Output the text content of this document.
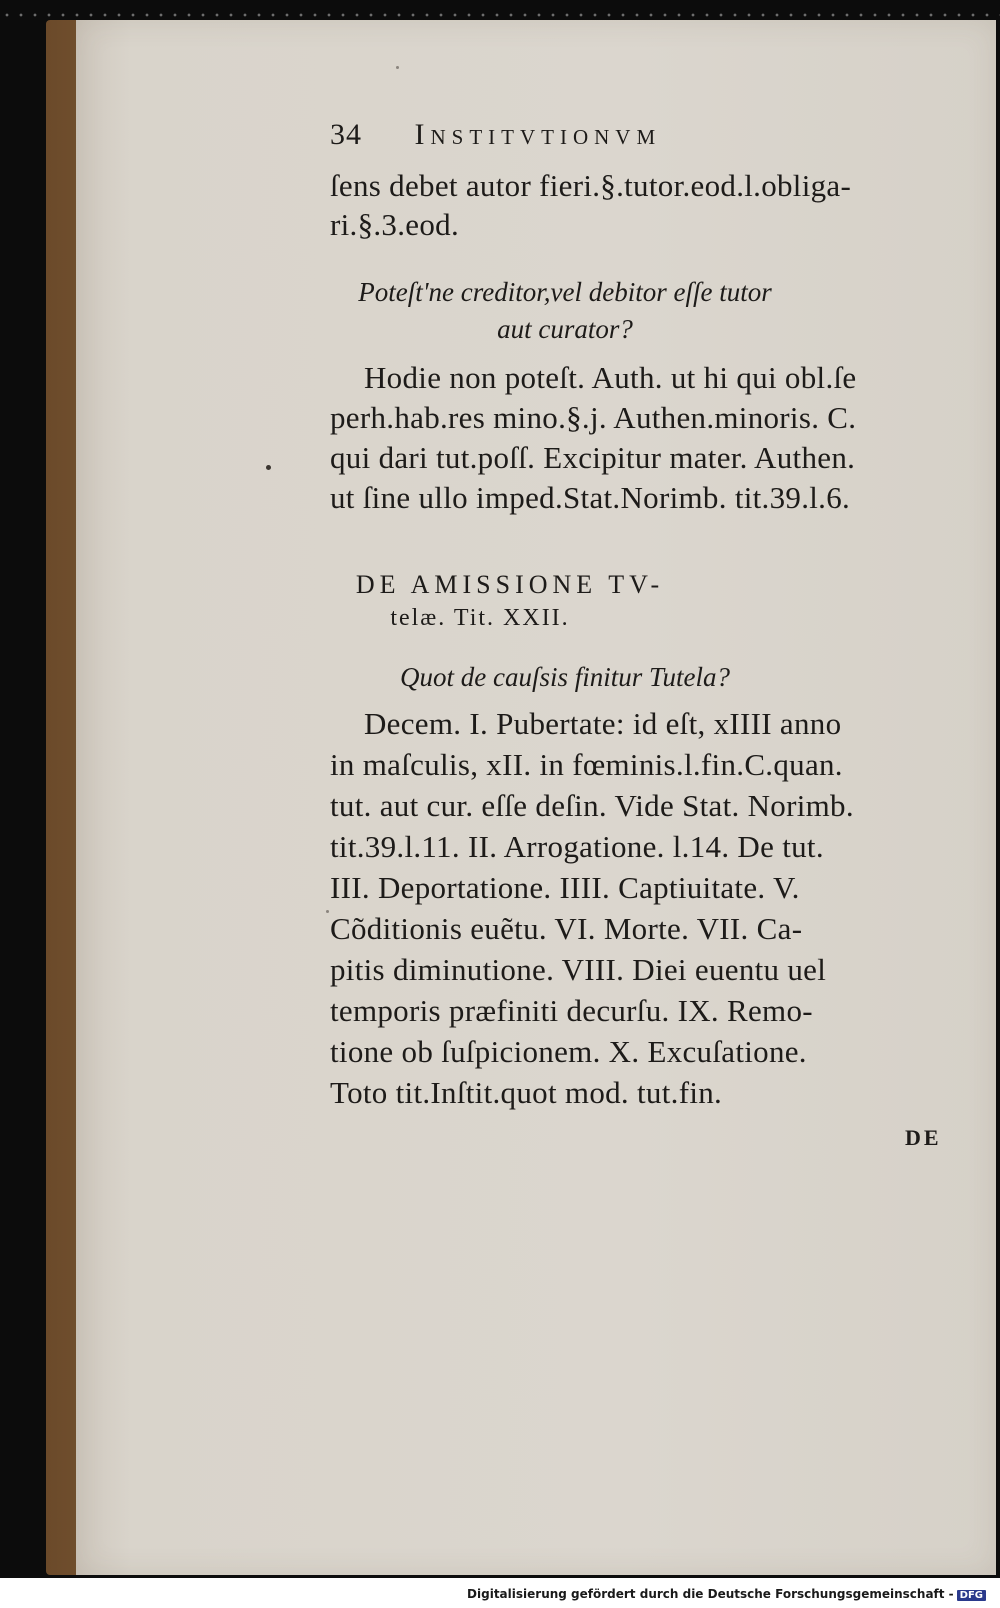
34 Institvtionvm

ſens debet autor fieri.§.tutor.eod.l.obliga-

ri.§.3.eod.

Poteſt'ne creditor,vel debitor eſſe tutor

aut curator?

Hodie non poteſt. Auth. ut hi qui obl.ſe

perh.hab.res mino.§.j. Authen.minoris. C.

qui dari tut.poſſ. Excipitur mater. Authen.

ut ſine ullo imped.Stat.Norimb. tit.39.l.6.

DE AMISSIONE TV-

telæ. Tit. XXII.

Quot de cauſsis finitur Tutela?

Decem. I. Pubertate: id eſt, xIIII anno

in maſculis, xII. in fœminis.l.fin.C.quan.

tut. aut cur. eſſe deſin. Vide Stat. Norimb.

tit.39.l.11. II. Arrogatione. l.14. De tut.

III. Deportatione. IIII. Captiuitate. V.

Cõditionis euẽtu. VI. Morte. VII. Ca-

pitis diminutione. VIII. Diei euentu uel

temporis præfiniti decurſu. IX. Remo-

tione ob ſuſpicionem. X. Excuſatione.

Toto tit.Inſtit.quot mod. tut.fin.

DE

Digitalisierung gefördert durch die Deutsche Forschungsgemeinschaft - DFG
